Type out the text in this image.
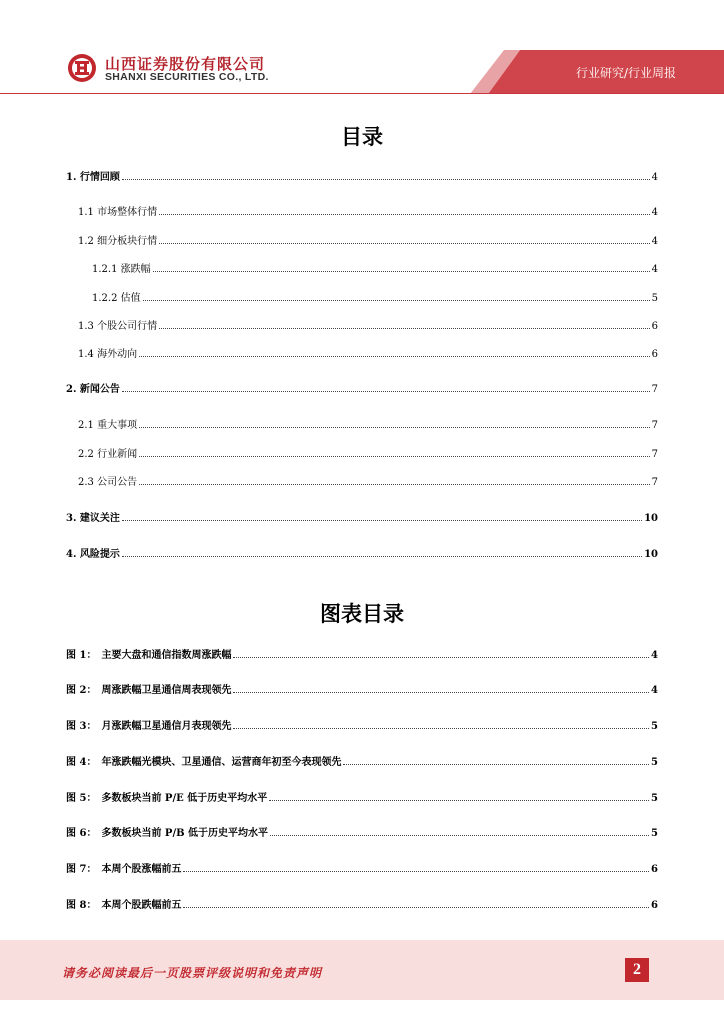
山西证券股份有限公司
SHANXI SECURITIES CO., LTD.	行业研究/行业周报
目录
1. 行情回顾	4
1.1 市场整体行情	4
1.2 细分板块行情	4
1.2.1 涨跌幅	4
1.2.2 估值	5
1.3 个股公司行情	6
1.4 海外动向	6
2. 新闻公告	7
2.1 重大事项	7
2.2 行业新闻	7
2.3 公司公告	7
3. 建议关注	10
4. 风险提示	10
图表目录
图 1：　主要大盘和通信指数周涨跌幅	4
图 2：　周涨跌幅卫星通信周表现领先	4
图 3：　月涨跌幅卫星通信月表现领先	5
图 4：　年涨跌幅光模块、卫星通信、运营商年初至今表现领先	5
图 5：　多数板块当前 P/E 低于历史平均水平	5
图 6：　多数板块当前 P/B 低于历史平均水平	5
图 7：　本周个股涨幅前五	6
图 8：　本周个股跌幅前五	6
请务必阅读最后一页股票评级说明和免责声明	2
